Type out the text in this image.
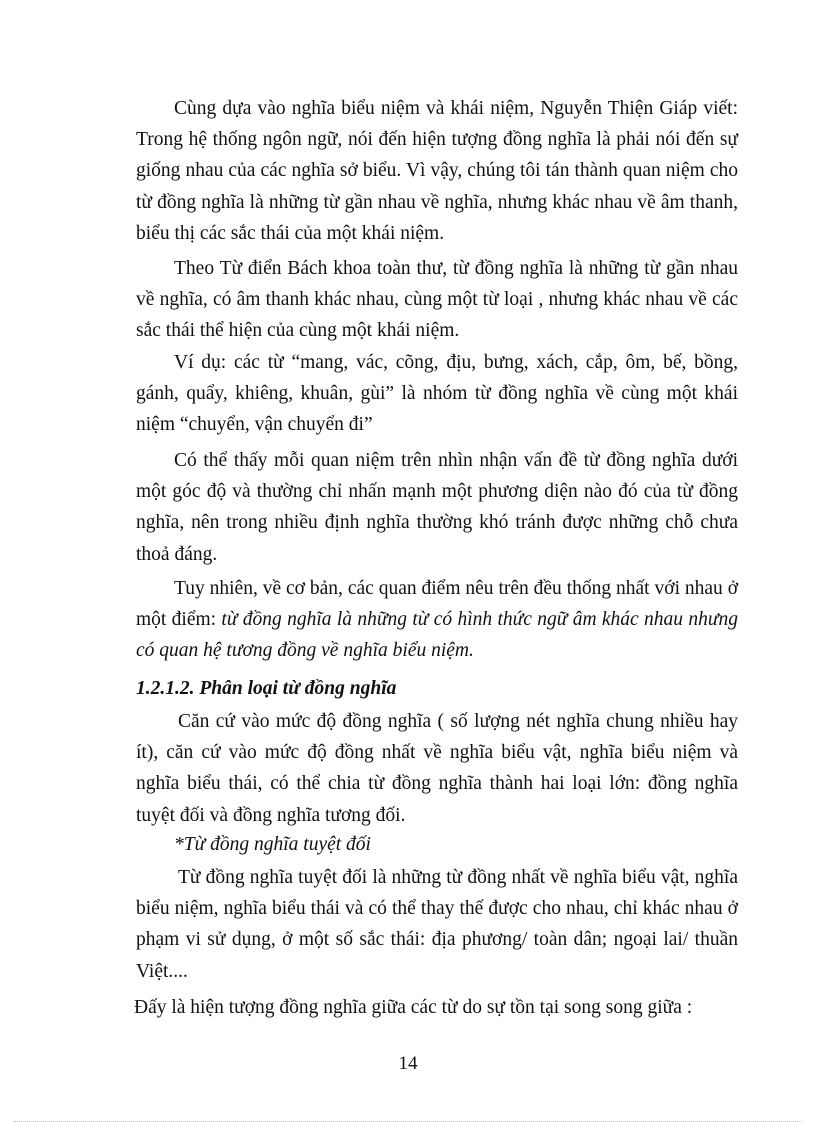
Cùng dựa vào nghĩa biểu niệm và khái niệm, Nguyễn Thiện Giáp viết: Trong hệ thống ngôn ngữ, nói đến hiện tượng đồng nghĩa là phải nói đến sự giống nhau của các nghĩa sở biểu. Vì vậy, chúng tôi tán thành quan niệm cho từ đồng nghĩa là những từ gần nhau về nghĩa, nhưng khác nhau về âm thanh, biểu thị các sắc thái của một khái niệm.

Theo Từ điển Bách khoa toàn thư, từ đồng nghĩa là những từ gần nhau về nghĩa, có âm thanh khác nhau, cùng một từ loại , nhưng khác nhau về các sắc thái thể hiện của cùng một khái niệm.

Ví dụ: các từ “mang, vác, cõng, địu, bưng, xách, cắp, ôm, bế, bồng, gánh, quẩy, khiêng, khuân, gùi” là nhóm từ đồng nghĩa về cùng một khái niệm “chuyển, vận chuyển đi”

Có thể thấy mỗi quan niệm trên nhìn nhận vấn đề từ đồng nghĩa dưới một góc độ và thường chỉ nhấn mạnh một phương diện nào đó của từ đồng nghĩa, nên trong nhiều định nghĩa thường khó tránh được những chỗ chưa thoả đáng.

Tuy nhiên, về cơ bản, các quan điểm nêu trên đều thống nhất với nhau ở một điểm: từ đồng nghĩa là những từ có hình thức ngữ âm khác nhau nhưng có quan hệ tương đồng về nghĩa biểu niệm.

1.2.1.2. Phân loại từ đồng nghĩa

Căn cứ vào mức độ đồng nghĩa ( số lượng nét nghĩa chung nhiều hay ít), căn cứ vào mức độ đồng nhất về nghĩa biểu vật, nghĩa biểu niệm và nghĩa biểu thái, có thể chia từ đồng nghĩa thành hai loại lớn: đồng nghĩa tuyệt đối và đồng nghĩa tương đối.

*Từ đồng nghĩa tuyệt đối

Từ đồng nghĩa tuyệt đối là những từ đồng nhất về nghĩa biểu vật, nghĩa biểu niệm, nghĩa biểu thái và có thể thay thế được cho nhau, chỉ khác nhau ở phạm vi sử dụng, ở một số sắc thái: địa phương/ toàn dân; ngoại lai/ thuần Việt....

Đấy là hiện tượng đồng nghĩa giữa các từ do sự tồn tại song song giữa :

14
